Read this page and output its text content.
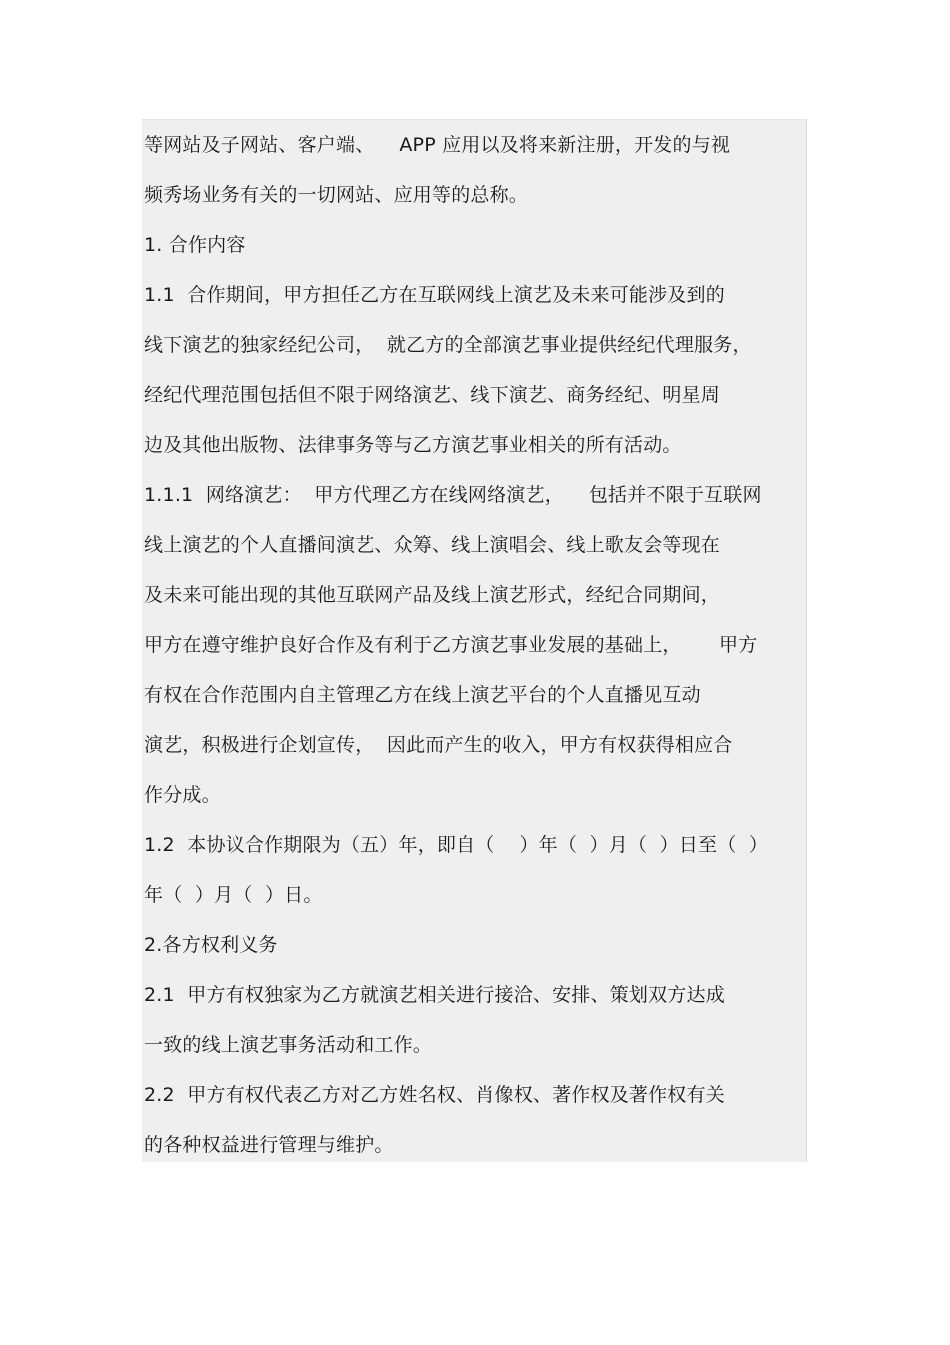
等网站及子网站、客户端、    APP 应用以及将来新注册，开发的与视
频秀场业务有关的一切网站、应用等的总称。
1. 合作内容
1.1  合作期间，甲方担任乙方在互联网线上演艺及未来可能涉及到的
线下演艺的独家经纪公司，  就乙方的全部演艺事业提供经纪代理服务，
经纪代理范围包括但不限于网络演艺、线下演艺、商务经纪、明星周
边及其他出版物、法律事务等与乙方演艺事业相关的所有活动。
1.1.1  网络演艺：  甲方代理乙方在线网络演艺，    包括并不限于互联网
线上演艺的个人直播间演艺、众筹、线上演唱会、线上歌友会等现在
及未来可能出现的其他互联网产品及线上演艺形式，经纪合同期间，
甲方在遵守维护良好合作及有利于乙方演艺事业发展的基础上，      甲方
有权在合作范围内自主管理乙方在线上演艺平台的个人直播见互动
演艺，积极进行企划宣传，  因此而产生的收入，甲方有权获得相应合
作分成。
1.2  本协议合作期限为（五）年，即自（    ）年（  ）月（  ）日至（  ）
年（  ）月（  ）日。
2.各方权利义务
2.1  甲方有权独家为乙方就演艺相关进行接洽、安排、策划双方达成
一致的线上演艺事务活动和工作。
2.2  甲方有权代表乙方对乙方姓名权、肖像权、著作权及著作权有关
的各种权益进行管理与维护。
